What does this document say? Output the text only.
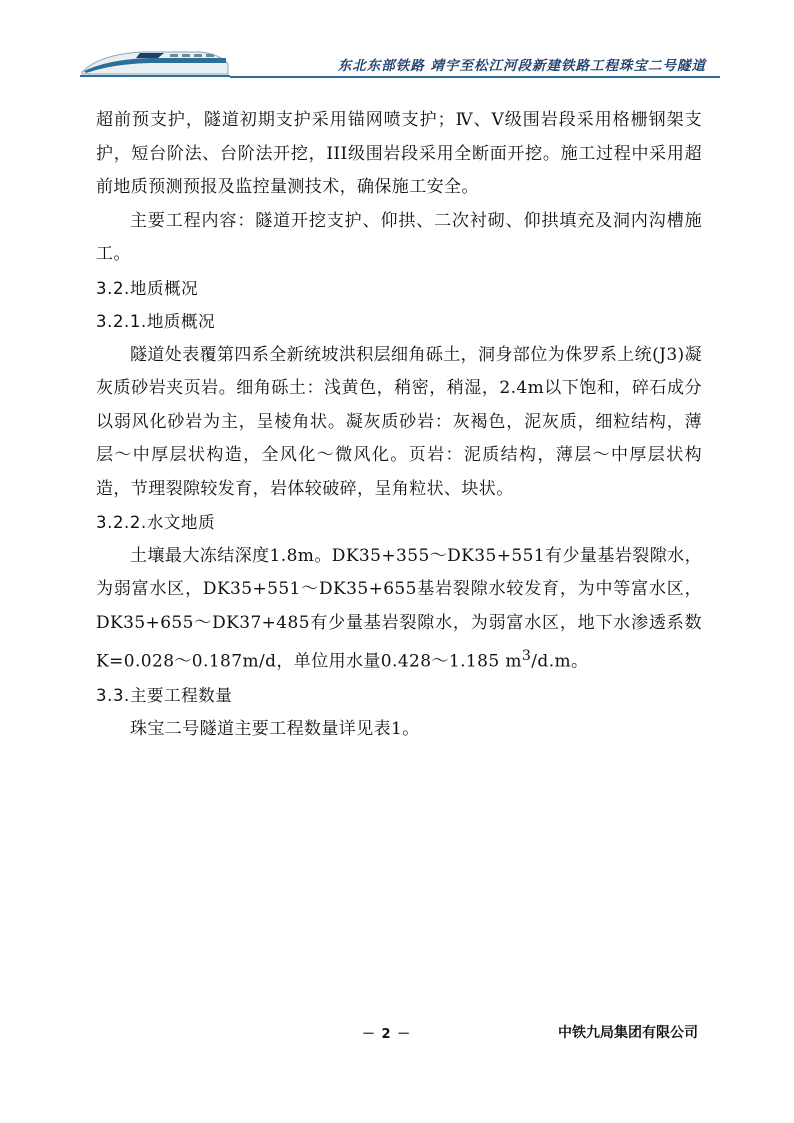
东北东部铁路 靖宇至松江河段新建铁路工程珠宝二号隧道

超前预支护，隧道初期支护采用锚网喷支护；Ⅳ、Ⅴ级围岩段采用格栅钢架支护，短台阶法、台阶法开挖，III级围岩段采用全断面开挖。施工过程中采用超前地质预测预报及监控量测技术，确保施工安全。

主要工程内容：隧道开挖支护、仰拱、二次衬砌、仰拱填充及洞内沟槽施工。

3.2.地质概况
3.2.1.地质概况

隧道处表覆第四系全新统坡洪积层细角砾土，洞身部位为侏罗系上统(J3)凝灰质砂岩夹页岩。细角砾土：浅黄色，稍密，稍湿，2.4m以下饱和，碎石成分以弱风化砂岩为主，呈棱角状。凝灰质砂岩：灰褐色，泥灰质，细粒结构，薄层～中厚层状构造，全风化～微风化。页岩：泥质结构，薄层～中厚层状构造，节理裂隙较发育，岩体较破碎，呈角粒状、块状。

3.2.2.水文地质

土壤最大冻结深度1.8m。DK35+355～DK35+551有少量基岩裂隙水，为弱富水区，DK35+551～DK35+655基岩裂隙水较发育，为中等富水区，DK35+655～DK37+485有少量基岩裂隙水，为弱富水区，地下水渗透系数K=0.028～0.187m/d，单位用水量0.428～1.185 $m^3/d.m$。

3.3.主要工程数量

珠宝二号隧道主要工程数量详见表1。

－ 2 －	中铁九局集团有限公司
